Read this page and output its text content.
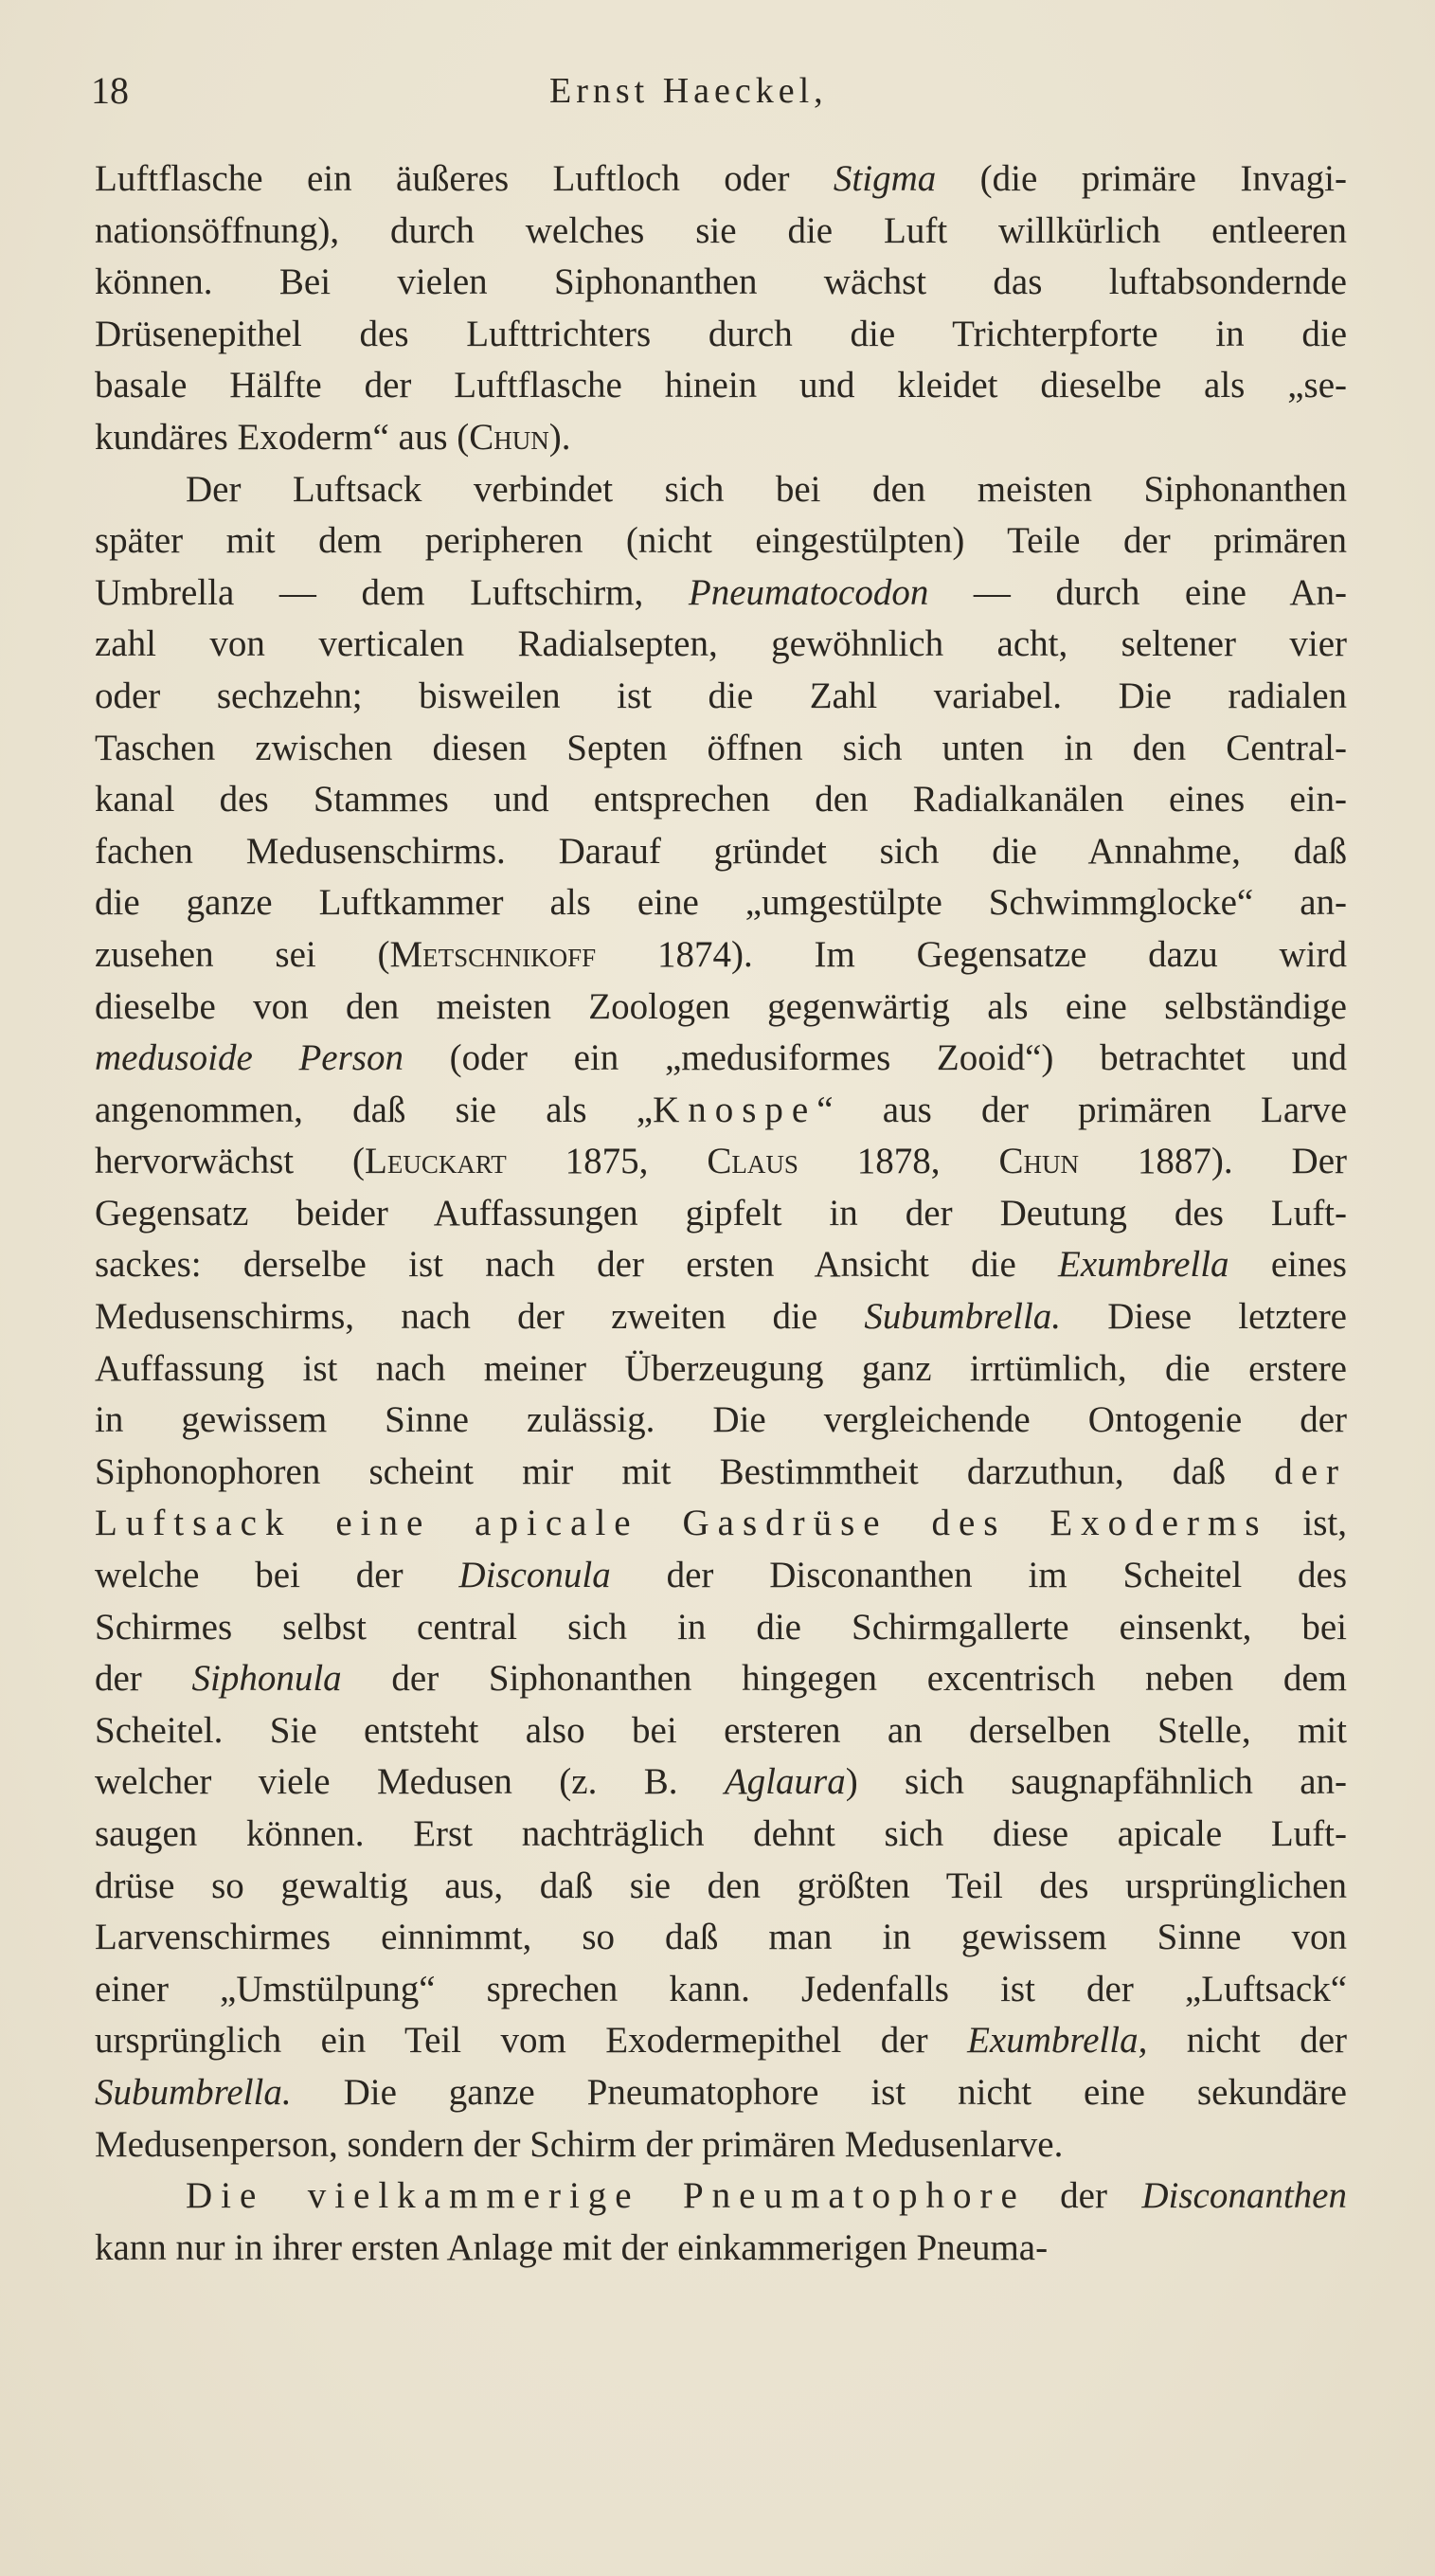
18	Ernst Haeckel,
Luftflasche ein äußeres Luftloch oder Stigma (die primäre Invagi-
nationsöffnung), durch welches sie die Luft willkürlich entleeren
können. Bei vielen Siphonanthen wächst das luftabsondernde
Drüsenepithel des Lufttrichters durch die Trichterpforte in die
basale Hälfte der Luftflasche hinein und kleidet dieselbe als „se-
kundäres Exoderm“ aus (Chun).
Der Luftsack verbindet sich bei den meisten Siphonanthen
später mit dem peripheren (nicht eingestülpten) Teile der primären
Umbrella — dem Luftschirm, Pneumatocodon — durch eine An-
zahl von verticalen Radialsepten, gewöhnlich acht, seltener vier
oder sechzehn; bisweilen ist die Zahl variabel. Die radialen
Taschen zwischen diesen Septen öffnen sich unten in den Central-
kanal des Stammes und entsprechen den Radialkanälen eines ein-
fachen Medusenschirms. Darauf gründet sich die Annahme, daß
die ganze Luftkammer als eine „umgestülpte Schwimmglocke“ an-
zusehen sei (Metschnikoff 1874). Im Gegensatze dazu wird
dieselbe von den meisten Zoologen gegenwärtig als eine selbständige
medusoide Person (oder ein „medusiformes Zooid“) betrachtet und
angenommen, daß sie als „Knospe“ aus der primären Larve
hervorwächst (Leuckart 1875, Claus 1878, Chun 1887). Der
Gegensatz beider Auffassungen gipfelt in der Deutung des Luft-
sackes: derselbe ist nach der ersten Ansicht die Exumbrella eines
Medusenschirms, nach der zweiten die Subumbrella. Diese letztere
Auffassung ist nach meiner Überzeugung ganz irrtümlich, die erstere
in gewissem Sinne zulässig. Die vergleichende Ontogenie der
Siphonophoren scheint mir mit Bestimmtheit darzuthun, daß der
Luftsack eine apicale Gasdrüse des Exoderms ist,
welche bei der Disconula der Disconanthen im Scheitel des
Schirmes selbst central sich in die Schirmgallerte einsenkt, bei
der Siphonula der Siphonanthen hingegen excentrisch neben dem
Scheitel. Sie entsteht also bei ersteren an derselben Stelle, mit
welcher viele Medusen (z. B. Aglaura) sich saugnapfähnlich an-
saugen können. Erst nachträglich dehnt sich diese apicale Luft-
drüse so gewaltig aus, daß sie den größten Teil des ursprünglichen
Larvenschirmes einnimmt, so daß man in gewissem Sinne von
einer „Umstülpung“ sprechen kann. Jedenfalls ist der „Luftsack“
ursprünglich ein Teil vom Exodermepithel der Exumbrella, nicht der
Subumbrella. Die ganze Pneumatophore ist nicht eine sekundäre
Medusenperson, sondern der Schirm der primären Medusenlarve.
Die vielkammerige Pneumatophore der Disconanthen
kann nur in ihrer ersten Anlage mit der einkammerigen Pneuma-
